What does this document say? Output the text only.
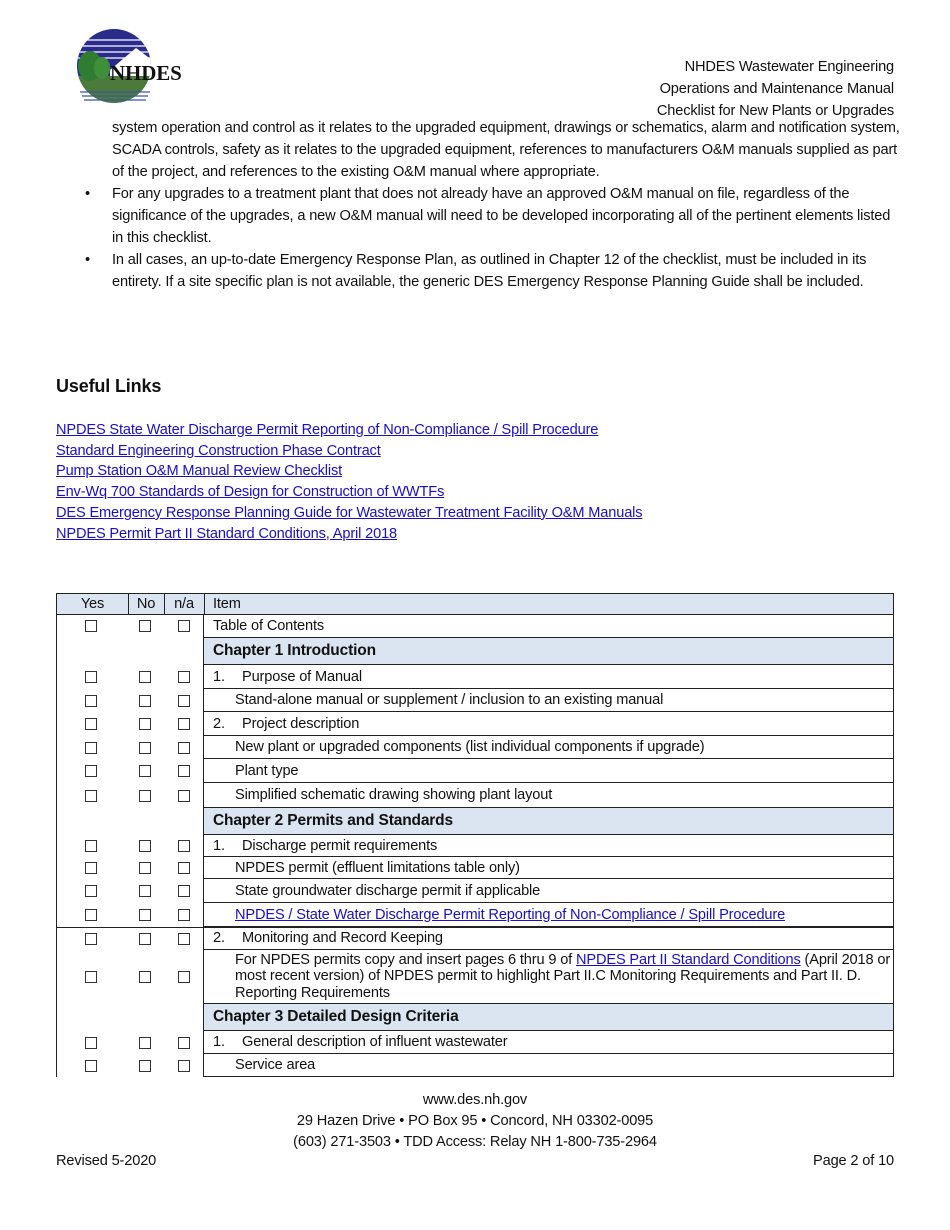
NHDES	NHDES Wastewater Engineering
Operations and Maintenance Manual
Checklist for New Plants or Upgrades

system operation and control as it relates to the upgraded equipment, drawings or schematics, alarm and notification system, SCADA controls, safety as it relates to the upgraded equipment, references to manufacturers O&M manuals supplied as part of the project, and references to the existing O&M manual where appropriate.

• For any upgrades to a treatment plant that does not already have an approved O&M manual on file, regardless of the significance of the upgrades, a new O&M manual will need to be developed incorporating all of the pertinent elements listed in this checklist.

• In all cases, an up-to-date Emergency Response Plan, as outlined in Chapter 12 of the checklist, must be included in its entirety. If a site specific plan is not available, the generic DES Emergency Response Planning Guide shall be included.

Useful Links
NPDES State Water Discharge Permit Reporting of Non-Compliance / Spill Procedure
Standard Engineering Construction Phase Contract
Pump Station O&M Manual Review Checklist
Env-Wq 700 Standards of Design for Construction of WWTFs
DES Emergency Response Planning Guide for Wastewater Treatment Facility O&M Manuals
NPDES Permit Part II Standard Conditions, April 2018
Yes	No	n/a	Item
Table of Contents
Chapter 1 Introduction
1. Purpose of Manual
Stand-alone manual or supplement / inclusion to an existing manual
2. Project description
New plant or upgraded components (list individual components if upgrade)
Plant type
Simplified schematic drawing showing plant layout
Chapter 2 Permits and Standards
1. Discharge permit requirements
NPDES permit (effluent limitations table only)
State groundwater discharge permit if applicable
NPDES / State Water Discharge Permit Reporting of Non-Compliance / Spill Procedure
2. Monitoring and Record Keeping
For NPDES permits copy and insert pages 6 thru 9 of NPDES Part II Standard Conditions (April 2018 or most recent version) of NPDES permit to highlight Part II.C Monitoring Requirements and Part II. D. Reporting Requirements
Chapter 3 Detailed Design Criteria
1. General description of influent wastewater
Service area
www.des.nh.gov
29 Hazen Drive • PO Box 95 • Concord, NH 03302-0095
(603) 271-3503 • TDD Access: Relay NH 1-800-735-2964
Revised 5-2020	Page 2 of 10
